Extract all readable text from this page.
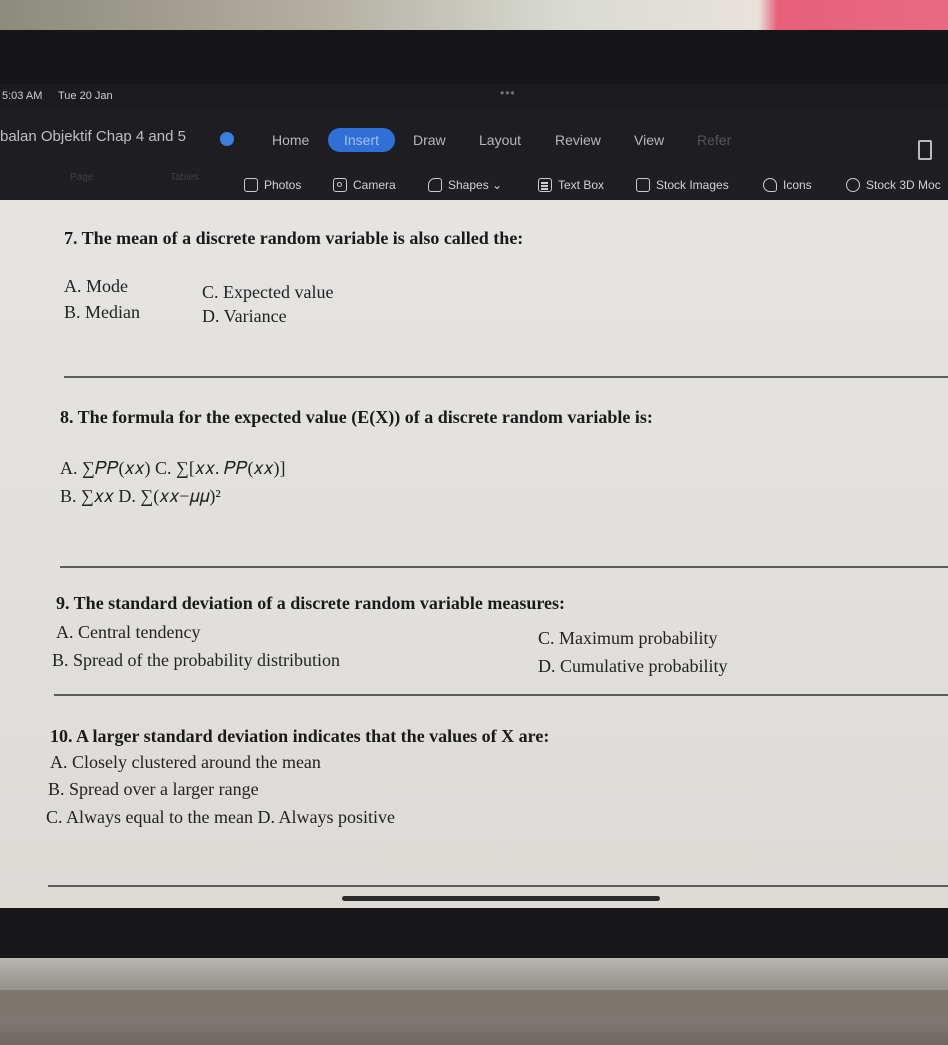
5:03 AM Tue 20 Jan	•••
balan Objektif Chap 4 and 5	Home	Insert	Draw Layout Review View Refer
Page	Tables
Photos	Camera	Shapes ⌄	Text Box	Stock Images	Icons	Stock 3D Moc
7. The mean of a discrete random variable is also called the:
A. Mode	C. Expected value
B. Median	D. Variance
8. The formula for the expected value (E(X)) of a discrete random variable is:
A. ∑𝑃𝑃(𝑥𝑥) C. ∑[𝑥𝑥. 𝑃𝑃(𝑥𝑥)]
B. ∑𝑥𝑥 D. ∑(𝑥𝑥−𝜇𝜇)²
9. The standard deviation of a discrete random variable measures:
A. Central tendency	C. Maximum probability
B. Spread of the probability distribution	D. Cumulative probability
10. A larger standard deviation indicates that the values of X are:
A. Closely clustered around the mean
B. Spread over a larger range
C. Always equal to the mean D. Always positive
